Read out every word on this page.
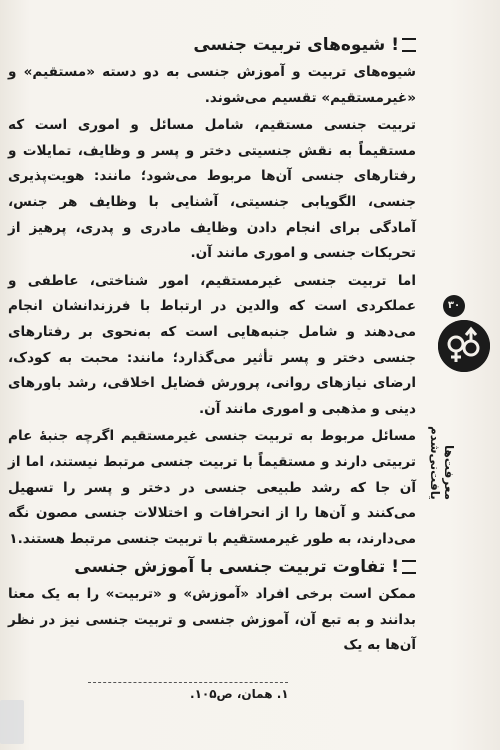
!
شیوه‌های تربیت جنسی

شیوه‌های تربیت و آموزش جنسی به دو دسته «مستقیم» و «غیرمستقیم» تقسیم می‌شوند.

تربیت جنسی مستقیم، شامل مسائل و اموری است که مستقیماً به نقش جنسیتی دختر و پسر و وظایف، تمایلات و رفتارهای جنسی آن‌ها مربوط می‌شود؛ مانند: هویت‌پذیری جنسی، الگویابی جنسیتی، آشنایی با وظایف هر جنس، آمادگی برای انجام دادن وظایف مادری و پدری، پرهیز از تحریکات جنسی و اموری مانند آن.

اما تربیت جنسی غیرمستقیم، امور شناختی، عاطفی و عملکردی است که والدین در ارتباط با فرزندانشان انجام می‌دهند و شامل جنبه‌هایی است که به‌نحوی بر رفتارهای جنسی دختر و پسر تأثیر می‌گذارد؛ مانند: محبت به کودک، ارضای نیازهای روانی، پرورش فضایل اخلاقی، رشد باورهای دینی و مذهبی و اموری مانند آن.

مسائل مربوط به تربیت جنسی غیرمستقیم اگرچه جنبهٔ عام تربیتی دارند و مستقیماً با تربیت جنسی مرتبط نیستند، اما از آن جا که رشد طبیعی جنسی در دختر و پسر را تسهیل می‌کنند و آن‌ها را از انحرافات و اختلالات جنسی مصون نگه می‌دارند، به طور غیرمستقیم با تربیت جنسی مرتبط هستند.۱

!
تفاوت تربیت جنسی با آموزش جنسی

ممکن است برخی افراد «آموزش» و «تربیت» را به یک معنا بدانند و به تبع آن، آموزش جنسی و تربیت جنسی نیز در نظر آن‌ها به یک

۱. همان، ص۱۰۵.
۳۰
معرفت‌ها یافت‌نی‌شدم
